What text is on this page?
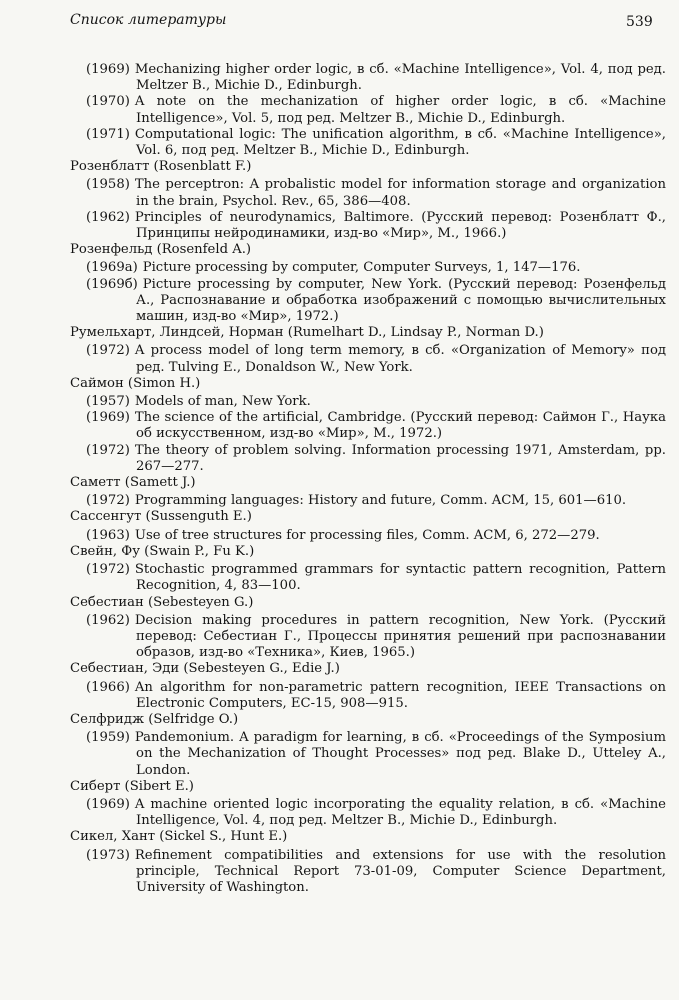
Список литературы	539
(1969) Mechanizing higher order logic, в сб. «Machine Intelligence», Vol. 4, под ред. Meltzer B., Michie D., Edinburgh.
(1970) A note on the mechanization of higher order logic, в сб. «Machine Intelligence», Vol. 5, под ред. Meltzer B., Michie D., Edinburgh.
(1971) Computational logic: The unification algorithm, в сб. «Machine Intelligence», Vol. 6, под ред. Meltzer B., Michie D., Edinburgh.
Розенблатт (Rosenblatt F.)
(1958) The perceptron: A probalistic model for information storage and organization in the brain, Psychol. Rev., 65, 386—408.
(1962) Principles of neurodynamics, Baltimore. (Русский перевод: Розенблатт Ф., Принципы нейродинамики, изд-во «Мир», М., 1966.)
Розенфельд (Rosenfeld A.)
(1969a) Picture processing by computer, Computer Surveys, 1, 147—176.
(1969б) Picture processing by computer, New York. (Русский перевод: Розенфельд А., Распознавание и обработка изображений с помощью вычислительных машин, изд-во «Мир», 1972.)
Румельхарт, Линдсей, Норман (Rumelhart D., Lindsay P., Norman D.)
(1972) A process model of long term memory, в сб. «Organization of Memory» под ред. Tulving E., Donaldson W., New York.
Саймон (Simon H.)
(1957) Models of man, New York.
(1969) The science of the artificial, Cambridge. (Русский перевод: Саймон Г., Наука об искусственном, изд-во «Мир», М., 1972.)
(1972) The theory of problem solving. Information processing 1971, Amsterdam, pp. 267—277.
Саметт (Samett J.)
(1972) Programming languages: History and future, Comm. ACM, 15, 601—610.
Сассенгут (Sussenguth E.)
(1963) Use of tree structures for processing files, Comm. ACM, 6, 272—279.
Свейн, Фу (Swain P., Fu K.)
(1972) Stochastic programmed grammars for syntactic pattern recognition, Pattern Recognition, 4, 83—100.
Себестиан (Sebesteyen G.)
(1962) Decision making procedures in pattern recognition, New York. (Русский перевод: Себестиан Г., Процессы принятия решений при распознавании образов, изд-во «Техника», Киев, 1965.)
Себестиан, Эди (Sebesteyen G., Edie J.)
(1966) An algorithm for non-parametric pattern recognition, IEEE Transactions on Electronic Computers, EC-15, 908—915.
Селфридж (Selfridge O.)
(1959) Pandemonium. A paradigm for learning, в сб. «Proceedings of the Symposium on the Mechanization of Thought Processes» под ред. Blake D., Utteley A., London.
Сиберт (Sibert E.)
(1969) A machine oriented logic incorporating the equality relation, в сб. «Machine Intelligence, Vol. 4, под ред. Meltzer B., Michie D., Edinburgh.
Сикел, Хант (Sickel S., Hunt E.)
(1973) Refinement compatibilities and extensions for use with the resolution principle, Technical Report 73-01-09, Computer Science Department, University of Washington.
